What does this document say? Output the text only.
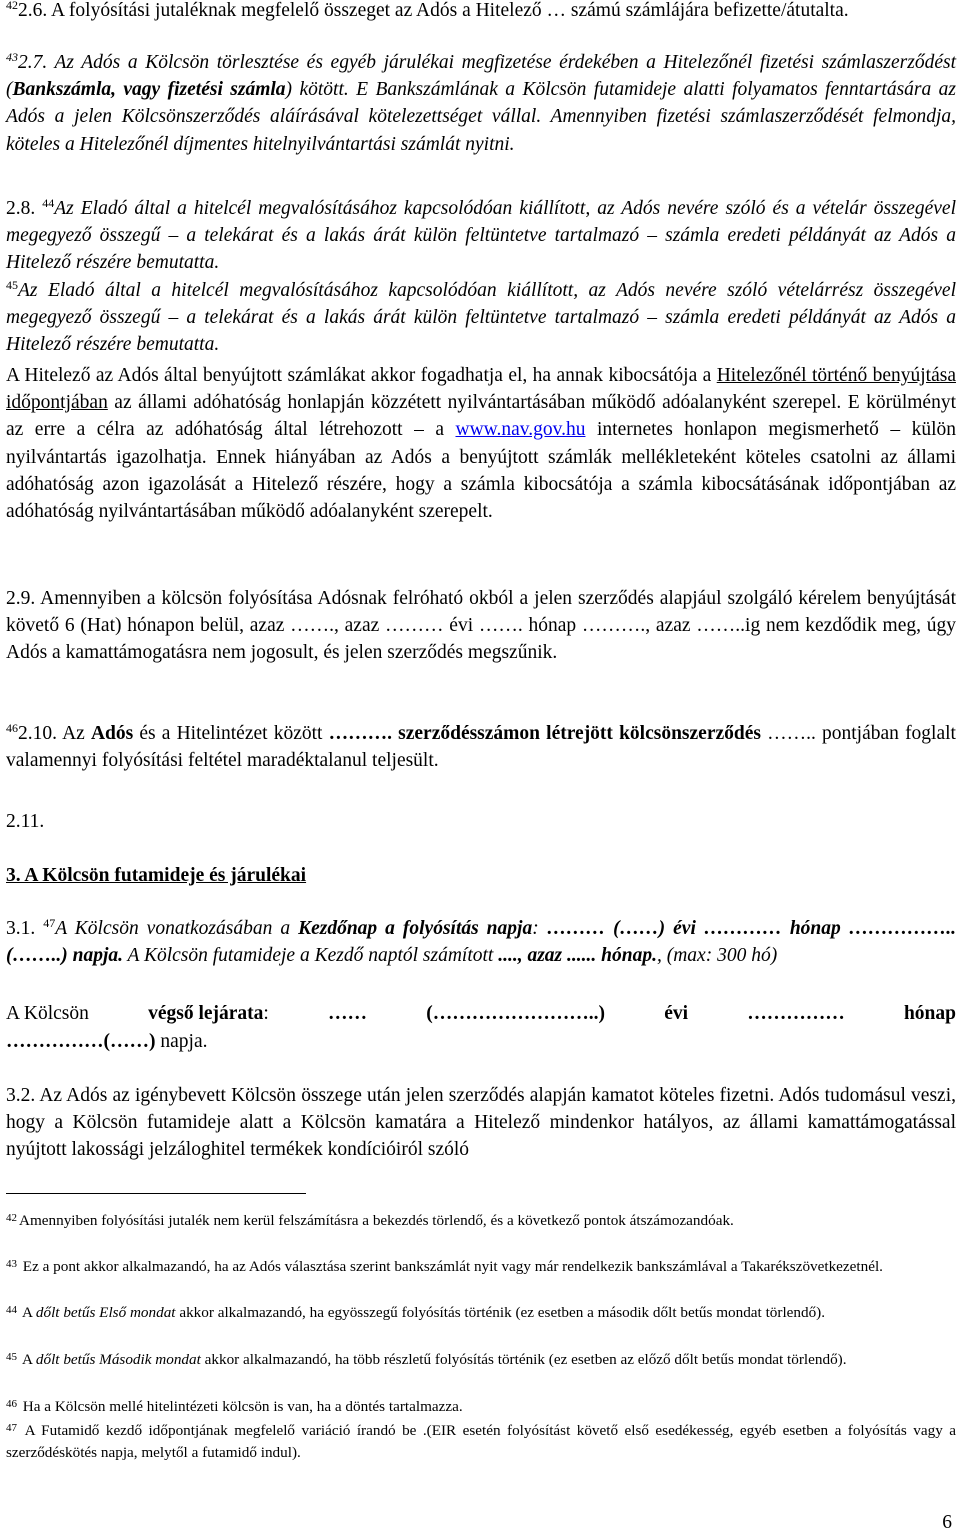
$^{42}$2.6. A folyósítási jutaléknak megfelelő összeget az Adós a Hitelező … számú számlájára befizette/átutalta.

$^{43}$2.7. Az Adós a Kölcsön törlesztése és egyéb járulékai megfizetése érdekében a Hitelezőnél fizetési számlaszerződést (Bankszámla, vagy fizetési számla) kötött. E Bankszámlának a Kölcsön futamideje alatti folyamatos fenntartására az Adós a jelen Kölcsönszerződés aláírásával kötelezettséget vállal. Amennyiben fizetési számlaszerződését felmondja, köteles a Hitelezőnél díjmentes hitelnyilvántartási számlát nyitni.

2.8. $^{44}$Az Eladó által a hitelcél megvalósításához kapcsolódóan kiállított, az Adós nevére szóló és a vételár összegével megegyező összegű – a telekárat és a lakás árát külön feltüntetve tartalmazó – számla eredeti példányát az Adós a Hitelező részére bemutatta.

$^{45}$Az Eladó által a hitelcél megvalósításához kapcsolódóan kiállított, az Adós nevére szóló vételárrész összegével megegyező összegű – a telekárat és a lakás árát külön feltüntetve tartalmazó – számla eredeti példányát az Adós a Hitelező részére bemutatta.

A Hitelező az Adós által benyújtott számlákat akkor fogadhatja el, ha annak kibocsátója a Hitelezőnél történő benyújtása időpontjában az állami adóhatóság honlapján közzétett nyilvántartásában működő adóalanyként szerepel. E körülményt az erre a célra az adóhatóság által létrehozott – a www.nav.gov.hu internetes honlapon megismerhető – külön nyilvántartás igazolhatja. Ennek hiányában az Adós a benyújtott számlák mellékleteként köteles csatolni az állami adóhatóság azon igazolását a Hitelező részére, hogy a számla kibocsátója a számla kibocsátásának időpontjában az adóhatóság nyilvántartásában működő adóalanyként szerepelt.

2.9. Amennyiben a kölcsön folyósítása Adósnak felróható okból a jelen szerződés alapjául szolgáló kérelem benyújtását követő 6 (Hat) hónapon belül, azaz ……., azaz ……… évi ……. hónap ………., azaz ……..ig nem kezdődik meg, úgy Adós a kamattámogatásra nem jogosult, és jelen szerződés megszűnik.

$^{46}$2.10. Az Adós és a Hitelintézet között ………. szerződésszámon létrejött kölcsönszerződés …….. pontjában foglalt valamennyi folyósítási feltétel maradéktalanul teljesült.

2.11.

3. A Kölcsön futamideje és járulékai

3.1. $^{47}$A Kölcsön vonatkozásában a Kezdőnap a folyósítás napja: ……… (……) évi ………… hónap ……………..(……..) napja. A Kölcsön futamideje a Kezdő naptól számított ...., azaz ...... hónap., (max: 300 hó)

A Kölcsön	végső lejárata:	……	(……………………..)	évi	……………	hónap
……………(……) napja.

3.2. Az Adós az igénybevett Kölcsön összege után jelen szerződés alapján kamatot köteles fizetni. Adós tudomásul veszi, hogy a Kölcsön futamideje alatt a Kölcsön kamatára a Hitelező mindenkor hatályos, az állami kamattámogatással nyújtott lakossági jelzáloghitel termékek kondícióiról szóló

$^{42}$ Amennyiben folyósítási jutalék nem kerül felszámításra a bekezdés törlendő, és a következő pontok átszámozandóak.

$^{43}$ Ez a pont akkor alkalmazandó, ha az Adós választása szerint bankszámlát nyit vagy már rendelkezik bankszámlával a Takarékszövetkezetnél.

$^{44}$ A dőlt betűs Első mondat akkor alkalmazandó, ha egyösszegű folyósítás történik (ez esetben a második dőlt betűs mondat törlendő).

$^{45}$ A dőlt betűs Második mondat akkor alkalmazandó, ha több részletű folyósítás történik (ez esetben az előző dőlt betűs mondat törlendő).

$^{46}$ Ha a Kölcsön mellé hitelintézeti kölcsön is van, ha a döntés tartalmazza.

$^{47}$ A Futamidő kezdő időpontjának megfelelő variáció írandó be .(EIR esetén folyósítást követő első esedékesség, egyéb esetben a folyósítás vagy a szerződéskötés napja, melytől a futamidő indul).

6
